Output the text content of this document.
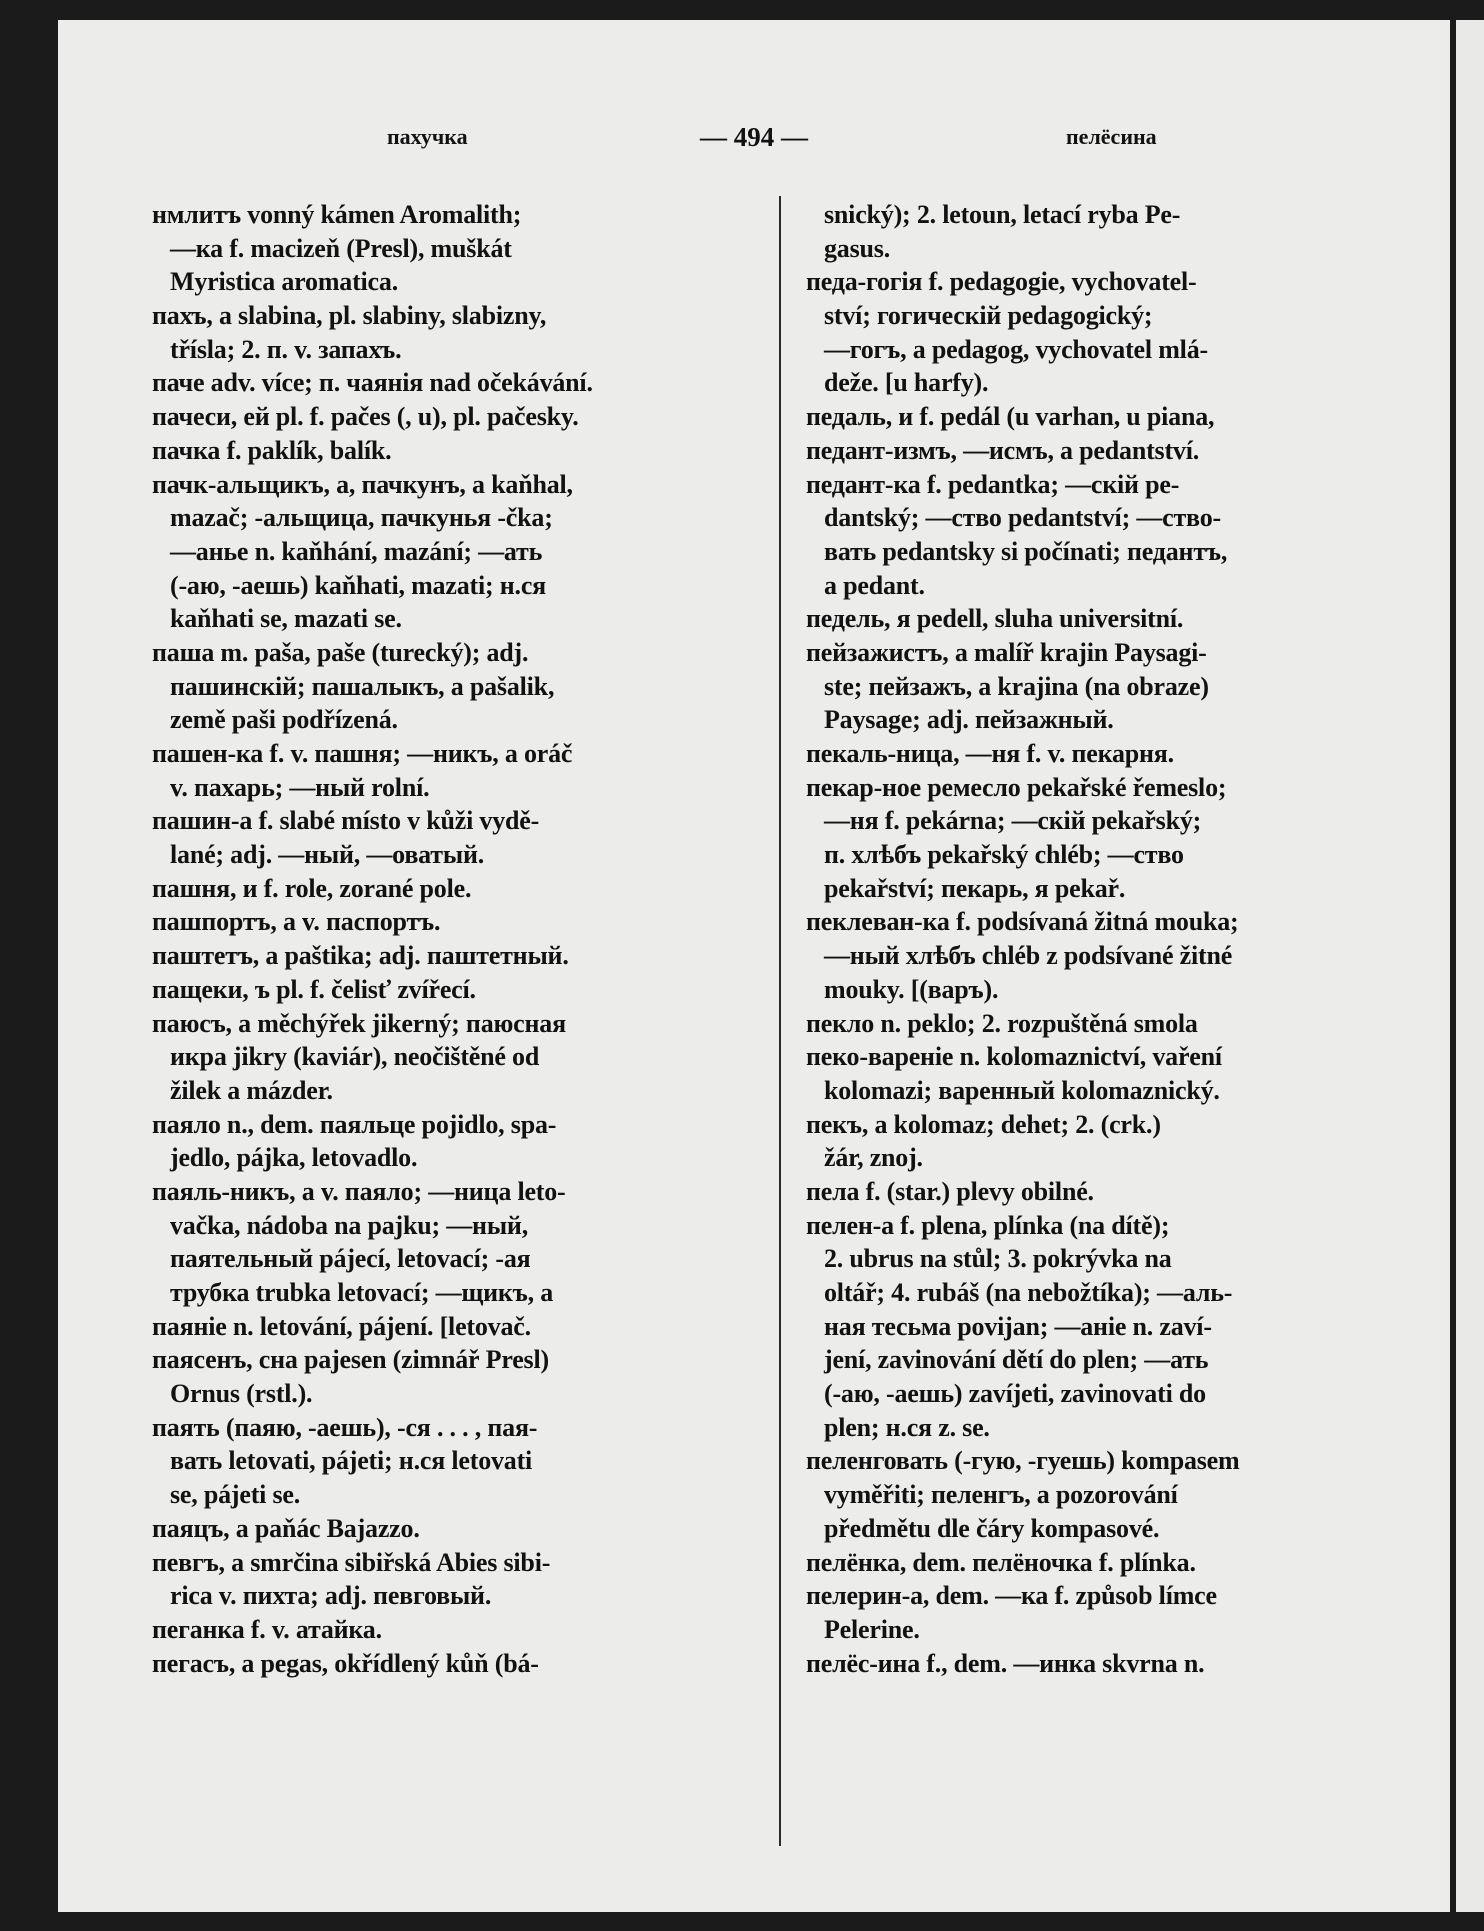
пахучка	— 494 —	пелёсина
нмлитъ vonný kámen Aromalith;
—ка f. macizeň (Presl), muškát
Myristica aromatica.
пахъ, а slabina, pl. slabiny, slabizny,
třísla; 2. п. v. запахъ.
паче adv. více; п. чаянія nad očekávání.
пачеси, ей pl. f. pačes (, u), pl. pačesky.
пачка f. paklík, balík.
пачк-альщикъ, а, пачкунъ, а kaňhal,
mazač; -альщица, пачкунья -čka;
—анье n. kaňhání, mazání; —ать
(-аю, -аешь) kaňhati, mazati; н.ся
kaňhati se, mazati se.
паша m. paša, paše (turecký); adj.
пашинскій; пашалыкъ, а pašalik,
země paši podřízená.
пашен-ка f. v. пашня; —никъ, а oráč
v. пахарь; —ный rolní.
пашин-а f. slabé místo v kůži vydě-
lané; adj. —ный, —оватый.
пашня, и f. role, zorané pole.
пашпортъ, а v. паспортъ.
паштетъ, а paštika; adj. паштетный.
пащеки, ъ pl. f. čelisť zvířecí.
паюсъ, а měchýřek jikerný; паюсная
икра jikry (kaviár), neočištěné od
žilek a mázder.
паяло n., dem. паяльце pojidlo, spa-
jedlo, pájka, letovadlo.
паяль-никъ, а v. паяло; —ница leto-
vačka, nádoba na pajku; —ный,
паятельный pájecí, letovací; -ая
трубка trubka letovací; —щикъ, а
паяніе n. letování, pájení. [letovač.
паясенъ, сна pajesen (zimnář Presl)
Ornus (rstl.).
паять (паяю, -аешь), -ся . . . , пая-
вать letovati, pájeti; н.ся letovati
se, pájeti se.
паяцъ, а paňác Bajazzo.
певгъ, а smrčina sibiřská Abies sibi-
rica v. пихта; adj. певговый.
пеганка f. v. атайка.
пегасъ, а pegas, okřídlený kůň (bá-
snický); 2. letoun, letací ryba Pe-
gasus.
педа-гогія f. pedagogie, vychovatel-
ství; гогическій pedagogický;
—гогъ, а pedagog, vychovatel mlá-
deže. [u harfy).
педаль, и f. pedál (u varhan, u piana,
педант-измъ, —исмъ, а pedantství.
педант-ка f. pedantka; —скій pe-
dantský; —ство pedantství; —ство-
вать pedantsky si počínati; педантъ,
a pedant.
педель, я pedell, sluha universitní.
пейзажистъ, а malíř krajin Paysagi-
ste; пейзажъ, а krajina (na obraze)
Paysage; adj. пейзажный.
пекаль-ница, —ня f. v. пекарня.
пекар-ное ремесло pekařské řemeslo;
—ня f. pekárna; —скій pekařský;
п. хлѣбъ pekařský chléb; —ство
pekařství; пекарь, я pekař.
пеклеван-ка f. podsívaná žitná mouka;
—ный хлѣбъ chléb z podsívané žitné
mouky. [(варъ).
пекло n. peklo; 2. rozpuštěná smola
пеко-вареніе n. kolomaznictví, vaření
kolomazi; варенный kolomaznický.
пекъ, а kolomaz; dehet; 2. (crk.)
žár, znoj.
пела f. (star.) plevy obilné.
пелен-а f. plena, plínka (na dítě);
2. ubrus na stůl; 3. pokrývka na
oltář; 4. rubáš (na nebožtíka); —аль-
ная тесьма povijan; —аніе n. zaví-
jení, zavinování dětí do plen; —ать
(-аю, -аешь) zavíjeti, zavinovati do
plen; н.ся z. se.
пеленговать (-гую, -гуешь) kompasem
vyměřiti; пеленгъ, а pozorování
předmětu dle čáry kompasové.
пелёнка, dem. пелёночка f. plínka.
пелерин-а, dem. —ка f. způsob límce
Pelerine.
пелёс-ина f., dem. —инка skvrna n.
